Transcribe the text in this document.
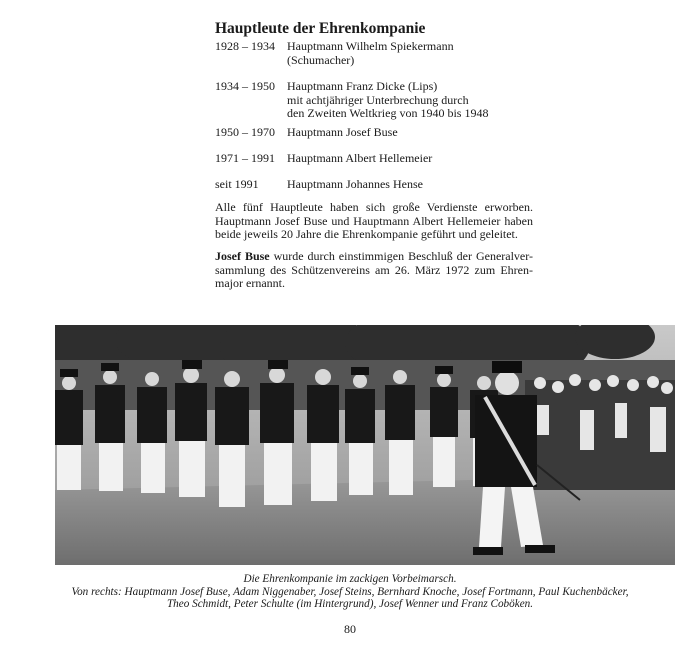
Hauptleute der Ehrenkompanie
1928 – 1934	Hauptmann Wilhelm Spiekermann
(Schumacher)
1934 – 1950	Hauptmann Franz Dicke (Lips)
mit achtjähriger Unterbrechung durch
den Zweiten Weltkrieg von 1940 bis 1948
1950 – 1970	Hauptmann Josef Buse
1971 – 1991	Hauptmann Albert Hellemeier
seit 1991	Hauptmann Johannes Hense

Alle fünf Hauptleute haben sich große Verdienste erworben.
Hauptmann Josef Buse und Hauptmann Albert Hellemeier haben
beide jeweils 20 Jahre die Ehrenkompanie geführt und geleitet.

Josef Buse wurde durch einstimmigen Beschluß der Generalver-
sammlung des Schützenvereins am 26. März 1972 zum Ehren-
major ernannt.

Die Ehrenkompanie im zackigen Vorbeimarsch.
Von rechts: Hauptmann Josef Buse, Adam Niggenaber, Josef Steins, Bernhard Knoche, Josef Fortmann, Paul Kuchenbäcker,
Theo Schmidt, Peter Schulte (im Hintergrund), Josef Wenner und Franz Coböken.

80
